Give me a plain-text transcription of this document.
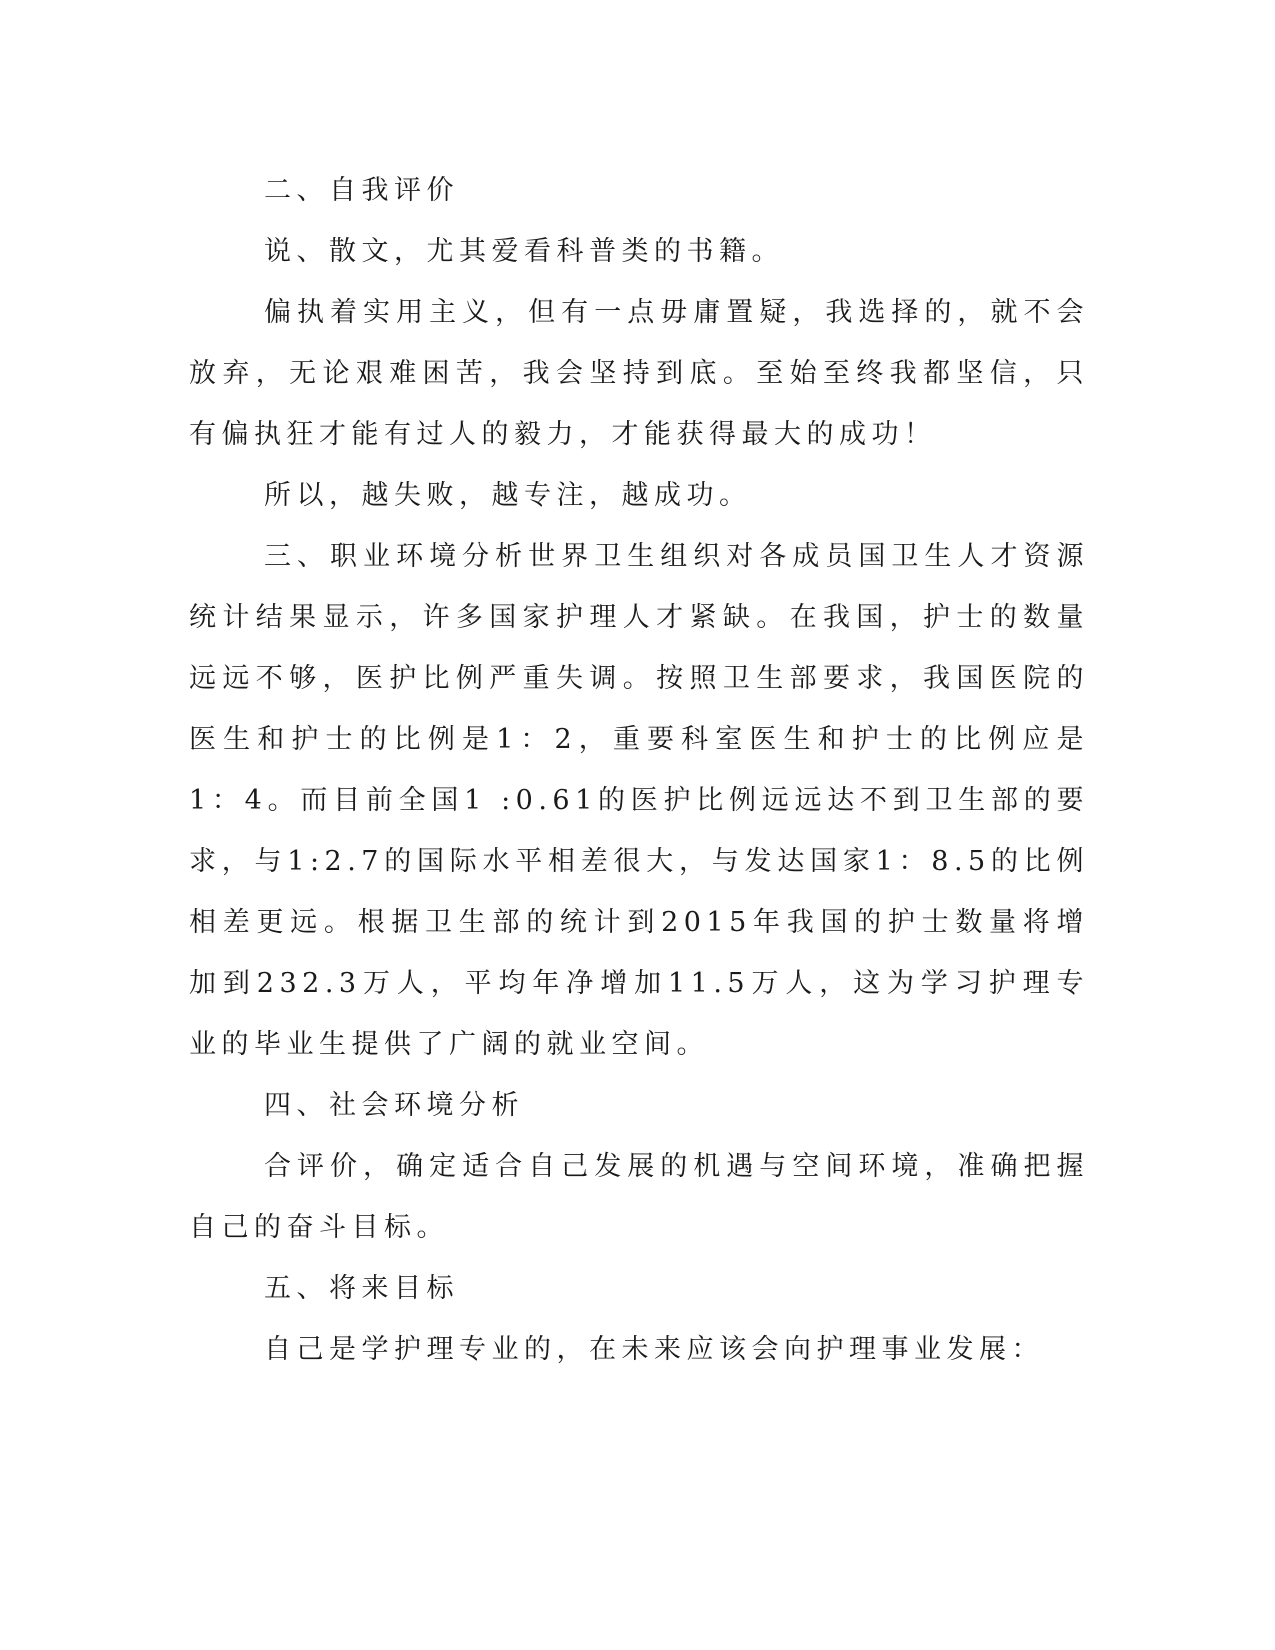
二、自我评价

说、散文，尤其爱看科普类的书籍。

偏执着实用主义，但有一点毋庸置疑，我选择的，就不会放弃，无论艰难困苦，我会坚持到底。至始至终我都坚信，只有偏执狂才能有过人的毅力，才能获得最大的成功！

所以，越失败，越专注，越成功。

三、职业环境分析世界卫生组织对各成员国卫生人才资源统计结果显示，许多国家护理人才紧缺。在我国，护士的数量远远不够，医护比例严重失调。按照卫生部要求，我国医院的医生和护士的比例是1：2，重要科室医生和护士的比例应是1：4。而目前全国1 :0.61的医护比例远远达不到卫生部的要求，与1:2.7的国际水平相差很大，与发达国家1：8.5的比例相差更远。根据卫生部的统计到2015年我国的护士数量将增加到232.3万人，平均年净增加11.5万人，这为学习护理专业的毕业生提供了广阔的就业空间。

四、社会环境分析

合评价，确定适合自己发展的机遇与空间环境，准确把握自己的奋斗目标。

五、将来目标

自己是学护理专业的，在未来应该会向护理事业发展：
